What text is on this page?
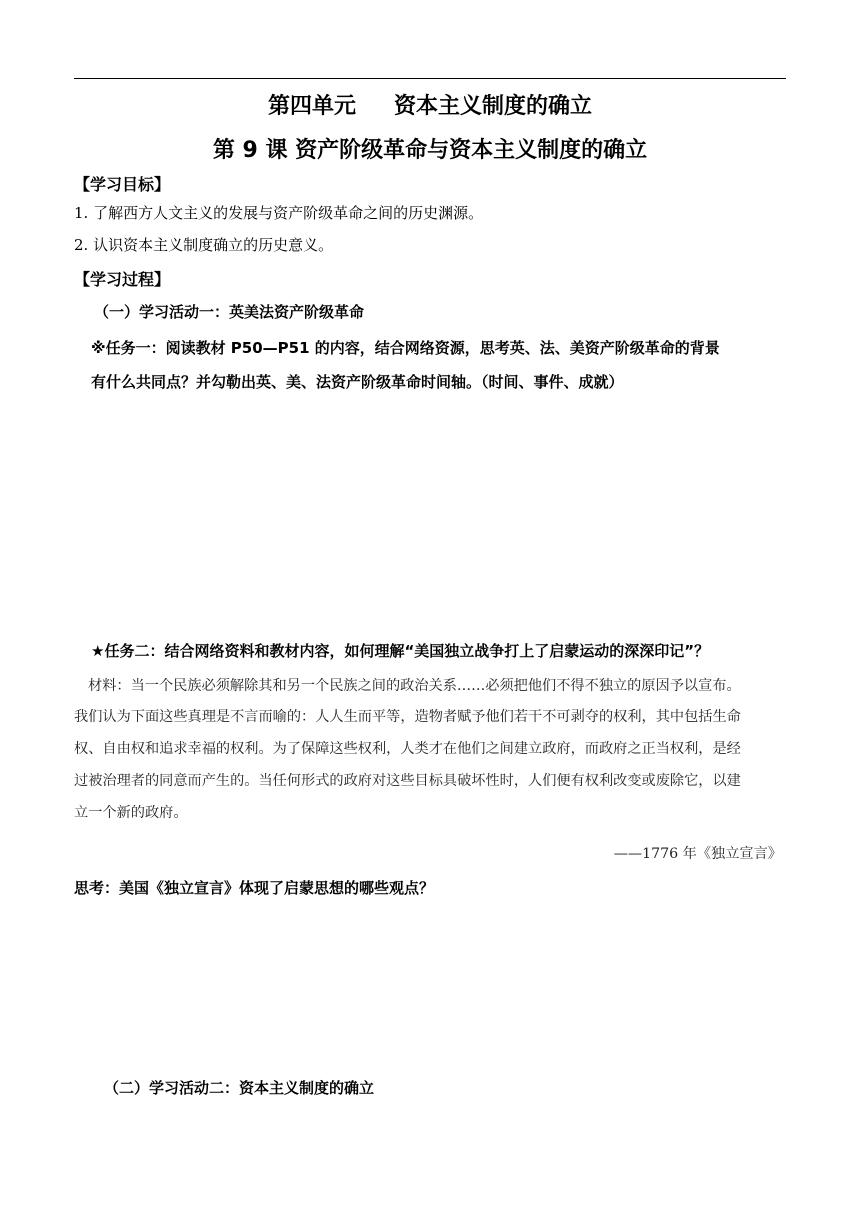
第四单元 资本主义制度的确立
第 9 课 资产阶级革命与资本主义制度的确立
【学习目标】
1. 了解西方人文主义的发展与资产阶级革命之间的历史渊源。
2. 认识资本主义制度确立的历史意义。
【学习过程】
（一）学习活动一：英美法资产阶级革命
※任务一：阅读教材 P50—P51 的内容，结合网络资源，思考英、法、美资产阶级革命的背景
有什么共同点？并勾勒出英、美、法资产阶级革命时间轴。（时间、事件、成就）
★任务二：结合网络资料和教材内容，如何理解“美国独立战争打上了启蒙运动的深深印记”？
材料：当一个民族必须解除其和另一个民族之间的政治关系……必须把他们不得不独立的原因予以宣布。
我们认为下面这些真理是不言而喻的：人人生而平等，造物者赋予他们若干不可剥夺的权利，其中包括生命
权、自由权和追求幸福的权利。为了保障这些权利，人类才在他们之间建立政府，而政府之正当权利，是经
过被治理者的同意而产生的。当任何形式的政府对这些目标具破坏性时，人们便有权利改变或废除它，以建
立一个新的政府。
——1776 年《独立宣言》
思考：美国《独立宣言》体现了启蒙思想的哪些观点？
（二）学习活动二：资本主义制度的确立
